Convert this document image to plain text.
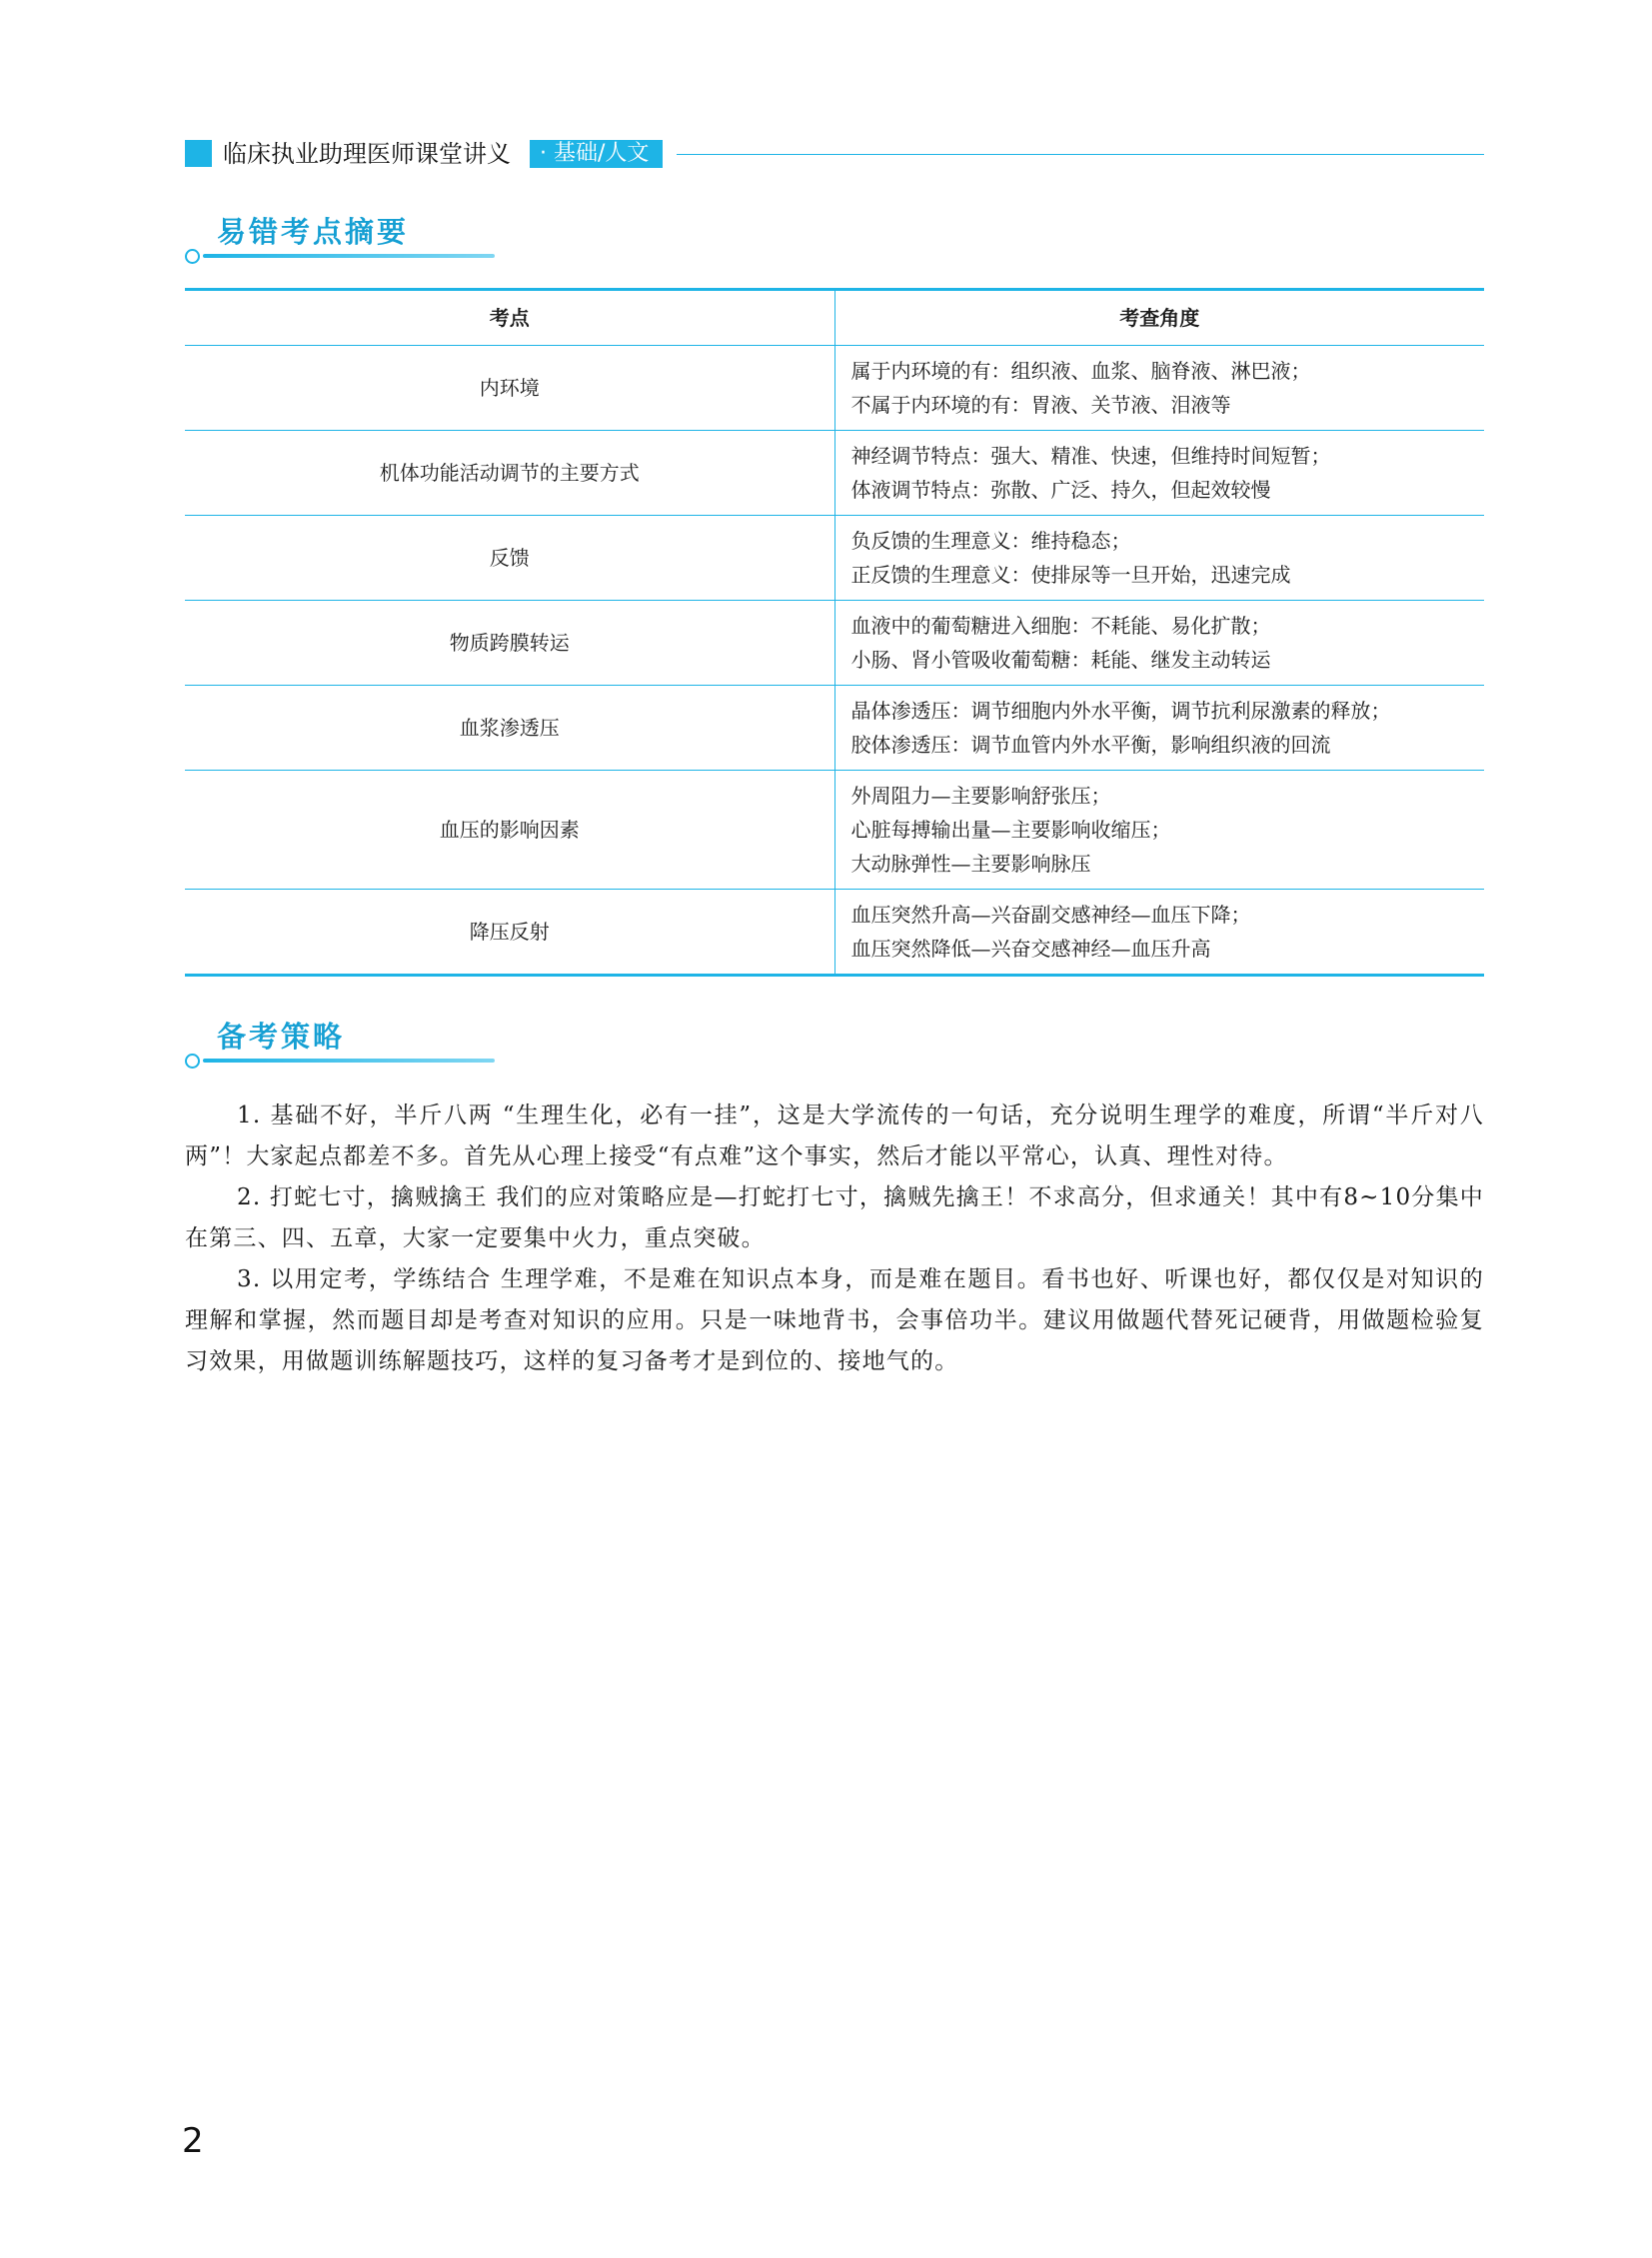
临床执业助理医师课堂讲义	· 基础/人文
易错考点摘要
考点	考查角度
内环境	属于内环境的有：组织液、血浆、脑脊液、淋巴液；
不属于内环境的有：胃液、关节液、泪液等

机体功能活动调节的主要方式	神经调节特点：强大、精准、快速，但维持时间短暂；
体液调节特点：弥散、广泛、持久，但起效较慢

反馈	负反馈的生理意义：维持稳态；
正反馈的生理意义：使排尿等一旦开始，迅速完成

物质跨膜转运	血液中的葡萄糖进入细胞：不耗能、易化扩散；
小肠、肾小管吸收葡萄糖：耗能、继发主动转运

血浆渗透压	晶体渗透压：调节细胞内外水平衡，调节抗利尿激素的释放；
胶体渗透压：调节血管内外水平衡，影响组织液的回流

血压的影响因素	外周阻力—主要影响舒张压；
心脏每搏输出量—主要影响收缩压；
大动脉弹性—主要影响脉压

降压反射	血压突然升高—兴奋副交感神经—血压下降；
血压突然降低—兴奋交感神经—血压升高
备考策略

1. 基础不好，半斤八两 “生理生化，必有一挂”，这是大学流传的一句话，充分说明生理学的难度，所谓“半斤对八两”！大家起点都差不多。首先从心理上接受“有点难”这个事实，然后才能以平常心，认真、理性对待。

2. 打蛇七寸，擒贼擒王 我们的应对策略应是—打蛇打七寸，擒贼先擒王！不求高分，但求通关！其中有8~10分集中在第三、四、五章，大家一定要集中火力，重点突破。

3. 以用定考，学练结合 生理学难，不是难在知识点本身，而是难在题目。看书也好、听课也好，都仅仅是对知识的理解和掌握，然而题目却是考查对知识的应用。只是一味地背书，会事倍功半。建议用做题代替死记硬背，用做题检验复习效果，用做题训练解题技巧，这样的复习备考才是到位的、接地气的。

2
